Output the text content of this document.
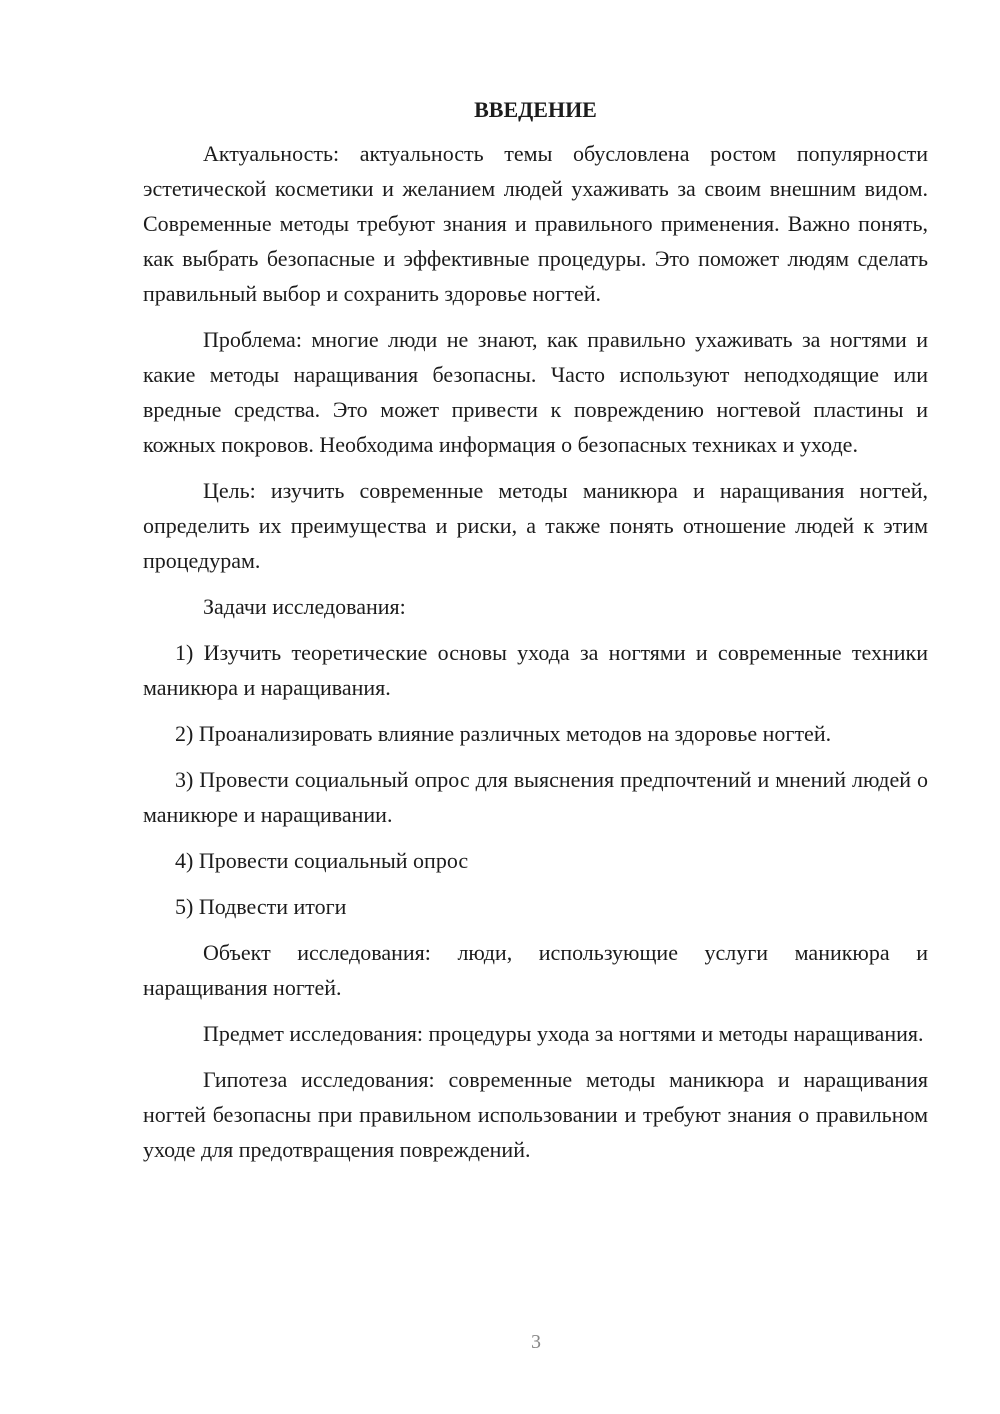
ВВЕДЕНИЕ

Актуальность: актуальность темы обусловлена ростом популярности эстетической косметики и желанием людей ухаживать за своим внешним видом. Современные методы требуют знания и правильного применения. Важно понять, как выбрать безопасные и эффективные процедуры. Это поможет людям сделать правильный выбор и сохранить здоровье ногтей.

Проблема: многие люди не знают, как правильно ухаживать за ногтями и какие методы наращивания безопасны. Часто используют неподходящие или вредные средства. Это может привести к повреждению ногтевой пластины и кожных покровов. Необходима информация о безопасных техниках и уходе.

Цель: изучить современные методы маникюра и наращивания ногтей, определить их преимущества и риски, а также понять отношение людей к этим процедурам.

Задачи исследования:

1) Изучить теоретические основы ухода за ногтями и современные техники маникюра и наращивания.

2) Проанализировать влияние различных методов на здоровье ногтей.

3) Провести социальный опрос для выяснения предпочтений и мнений людей о маникюре и наращивании.

4) Провести социальный опрос

5) Подвести итоги

Объект исследования: люди, использующие услуги маникюра и наращивания ногтей.

Предмет исследования: процедуры ухода за ногтями и методы наращивания.

Гипотеза исследования: современные методы маникюра и наращивания ногтей безопасны при правильном использовании и требуют знания о правильном уходе для предотвращения повреждений.

3
